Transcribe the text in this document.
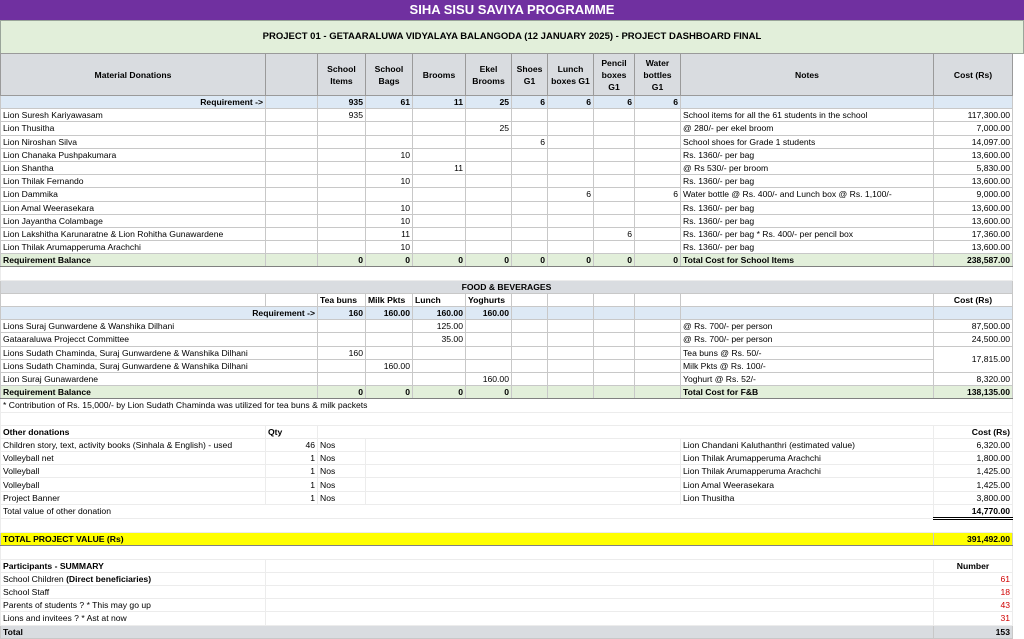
SIHA SISU SAVIYA PROGRAMME
PROJECT 01 - GETAARALUWA VIDYALAYA BALANGODA (12 JANUARY 2025) - PROJECT DASHBOARD FINAL
Material Donations		School Items	School Bags	Brooms	Ekel Brooms	Shoes G1	Lunch boxes G1	Pencil boxes G1	Water bottles G1	Notes	Cost (Rs)
Requirement ->		935	61	11	25	6	6	6	6		
Lion Suresh Kariyawasam		935								School items for all the 61 students in the school	117,300.00
Lion Thusitha					25					@ 280/- per ekel broom	7,000.00
Lion Niroshan Silva						6				School shoes for Grade 1 students	14,097.00
Lion Chanaka Pushpakumara			10							Rs. 1360/- per bag	13,600.00
Lion Shantha				11						@ Rs 530/- per broom	5,830.00
Lion Thilak Fernando			10							Rs. 1360/- per bag	13,600.00
Lion Dammika							6		6	Water bottle @ Rs. 400/- and Lunch box @ Rs. 1,100/-	9,000.00
Lion Amal Weerasekara			10							Rs. 1360/- per bag	13,600.00
Lion Jayantha Colambage			10							Rs. 1360/- per bag	13,600.00
Lion Lakshitha Karunaratne & Lion Rohitha Gunawardene			11					6		Rs. 1360/- per bag * Rs. 400/- per pencil box	17,360.00
Lion Thilak Arumapperuma Arachchi			10							Rs. 1360/- per bag	13,600.00
Requirement Balance		0	0	0	0	0	0	0	0	Total Cost for School Items	238,587.00

FOOD & BEVERAGES											
		Tea buns	Milk Pkts	Lunch	Yoghurts						Cost (Rs)
Requirement ->		160	160.00	160.00	160.00						
Lions Suraj Gunwardene & Wanshika Dilhani				125.00						@ Rs. 700/- per person	87,500.00
Gataaraluwa Projecct Committee				35.00						@ Rs. 700/- per person	24,500.00
Lions Sudath Chaminda, Suraj Gunwardene & Wanshika Dilhani		160								Tea buns @ Rs. 50/-	17,815.00
Lions Sudath Chaminda, Suraj Gunwardene & Wanshika Dilhani			160.00							Milk Pkts @ Rs. 100/-	
Lion Suraj Gunawardene					160.00					Yoghurt @ Rs. 52/-	8,320.00
Requirement Balance		0	0	0	0					Total Cost for F&B	138,135.00
* Contribution of Rs. 15,000/- by Lion Sudath Chaminda was utilized for tea buns & milk packets											

Other donations	Qty										Cost (Rs)
Children story, text, activity books (Sinhala & English) - used	46	Nos								Lion Chandani Kaluthanthri (estimated value)	6,320.00
Volleyball net	1	Nos								Lion Thilak Arumapperuma Arachchi	1,800.00
Volleyball	1	Nos								Lion Thilak Arumapperuma Arachchi	1,425.00
Volleyball	1	Nos								Lion Amal Weerasekara	1,425.00
Project Banner	1	Nos								Lion Thusitha	3,800.00
Total value of other donation											14,770.00

TOTAL PROJECT VALUE (Rs)											391,492.00

Participants - SUMMARY											Number
School Children (Direct beneficiaries)											61
School Staff											18
Parents of students ? * This may go up											43
Lions and invitees ? * Ast at now											31
Total											153
